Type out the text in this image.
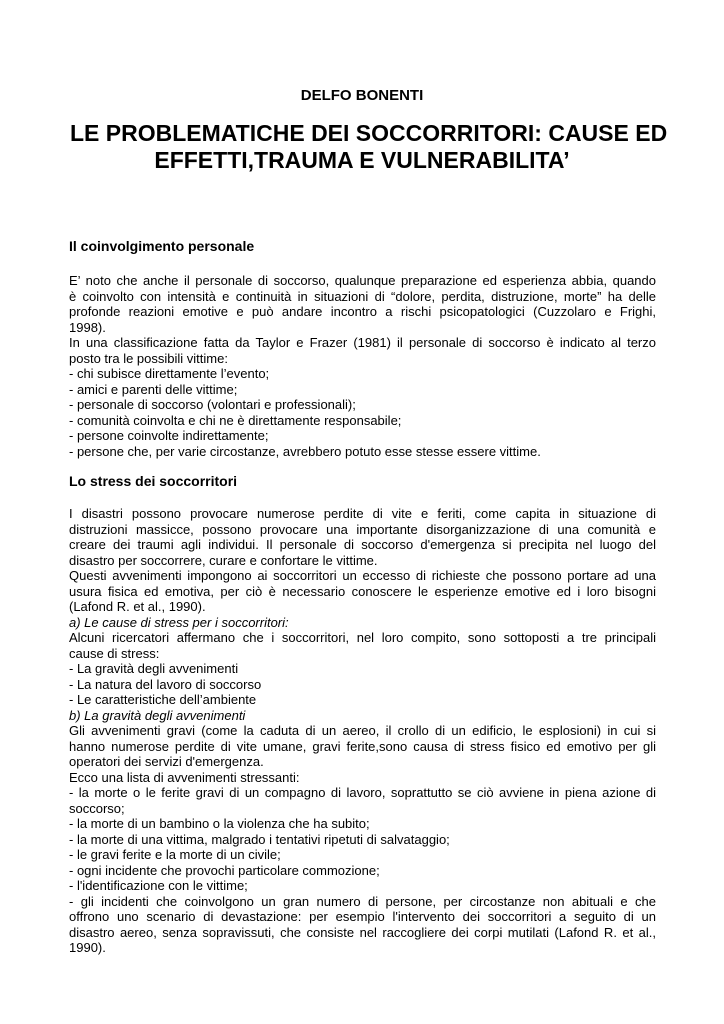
DELFO BONENTI
LE PROBLEMATICHE DEI SOCCORRITORI: CAUSE ED
EFFETTI,TRAUMA E VULNERABILITA’
Il coinvolgimento personale
E’ noto che anche il personale di soccorso, qualunque preparazione ed esperienza abbia, quando
è coinvolto con intensità e continuità in situazioni di “dolore, perdita, distruzione, morte” ha delle
profonde reazioni emotive e può andare incontro a rischi psicopatologici (Cuzzolaro e Frighi,
1998).
In una classificazione fatta da Taylor e Frazer (1981) il personale di soccorso è indicato al terzo
posto tra le possibili vittime:
- chi subisce direttamente l’evento;
- amici e parenti delle vittime;
- personale di soccorso (volontari e professionali);
- comunità coinvolta e chi ne è direttamente responsabile;
- persone coinvolte indirettamente;
- persone che, per varie circostanze, avrebbero potuto esse stesse essere vittime.
Lo stress dei soccorritori
I disastri possono provocare numerose perdite di vite e feriti, come capita in situazione di
distruzioni massicce, possono provocare una importante disorganizzazione di una comunità e
creare dei traumi agli individui. Il personale di soccorso d'emergenza si precipita nel luogo del
disastro per soccorrere, curare e confortare le vittime.
Questi avvenimenti impongono ai soccorritori un eccesso di richieste che possono portare ad una
usura fisica ed emotiva, per ciò è necessario conoscere le esperienze emotive ed i loro bisogni
(Lafond R. et al., 1990).
a) Le cause di stress per i soccorritori:
Alcuni ricercatori affermano che i soccorritori, nel loro compito, sono sottoposti a tre principali
cause di stress:
- La gravità degli avvenimenti
- La natura del lavoro di soccorso
- Le caratteristiche dell’ambiente
b) La gravità degli avvenimenti
Gli avvenimenti gravi (come la caduta di un aereo, il crollo di un edificio, le esplosioni) in cui si
hanno numerose perdite di vite umane, gravi ferite,sono causa di stress fisico ed emotivo per gli
operatori dei servizi d'emergenza.
Ecco una lista di avvenimenti stressanti:
- la morte o le ferite gravi di un compagno di lavoro, soprattutto se ciò avviene in piena azione di
soccorso;
- la morte di un bambino o la violenza che ha subito;
- la morte di una vittima, malgrado i tentativi ripetuti di salvataggio;
- le gravi ferite e la morte di un civile;
- ogni incidente che provochi particolare commozione;
- l'identificazione con le vittime;
- gli incidenti che coinvolgono un gran numero di persone, per circostanze non abituali e che
offrono uno scenario di devastazione: per esempio l'intervento dei soccorritori a seguito di un
disastro aereo, senza sopravissuti, che consiste nel raccogliere dei corpi mutilati (Lafond R. et al.,
1990).
